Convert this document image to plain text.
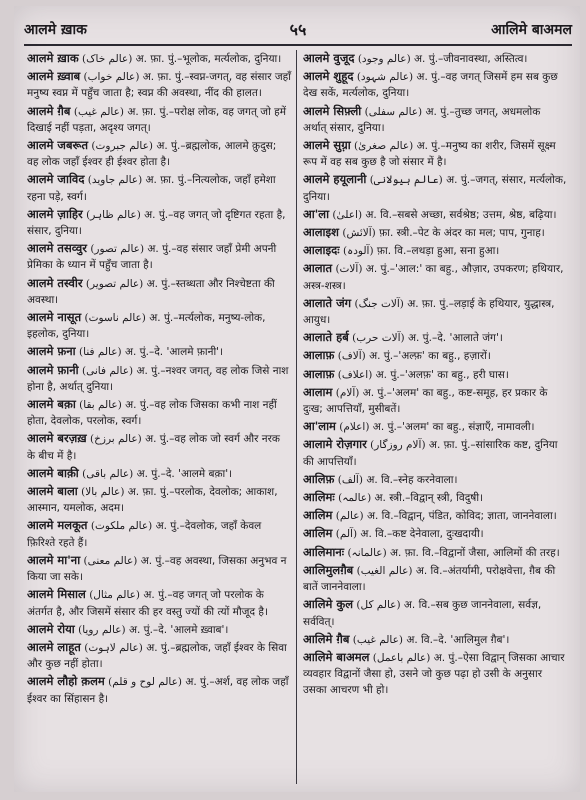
आलमे ख़ाक	५५	आलिमे बाअमल
आलमे ख़ाक (عالم خاک) अ. फ़ा. पुं.–भूलोक, मर्त्यलोक, दुनिया।
आलमे ख़्वाब (عالم خواب) अ. फ़ा. पुं.–स्वप्न-जगत्, वह संसार जहाँ मनुष्य स्वप्न में पहुँच जाता है; स्वप्न की अवस्था, नींद की हालत।
आलमे ग़ैब (عالم غیب) अ. फ़ा. पुं.–परोक्ष लोक, वह जगत् जो हमें दिखाई नहीं पड़ता, अदृश्य जगत्।
आलमे जबरूत (عالم جبروت) अ. पुं.–ब्रह्मलोक, आलमे क़ुदुस; वह लोक जहाँ ईश्वर ही ईश्वर होता है।
आलमे जाविद (عالم جاوید) अ. फ़ा. पुं.–नित्यलोक, जहाँ हमेशा रहना पड़े, स्वर्ग।
आलमे ज़ाहिर (عالم ظاہر) अ. पुं.–वह जगत् जो दृष्टिगत रहता है, संसार, दुनिया।
आलमे तसव्वुर (عالم تصور) अ. पुं.–वह संसार जहाँ प्रेमी अपनी प्रेमिका के ध्यान में पहुँच जाता है।
आलमे तस्वीर (عالم تصویر) अ. पुं.–स्तब्धता और निश्चेष्टता की अवस्था।
आलमे नासूत (عالم ناسوت) अ. पुं.–मर्त्यलोक, मनुष्य-लोक, इहलोक, दुनिया।
आलमे फ़ना (عالم فنا) अ. पुं.–दे. 'आलमे फ़ानी'।
आलमे फ़ानी (عالم فانی) अ. पुं.–नश्वर जगत्, वह लोक जिसे नाश होना है, अर्थात् दुनिया।
आलमे बक़ा (عالم بقا) अ. पुं.–वह लोक जिसका कभी नाश नहीं होता, देवलोक, परलोक, स्वर्ग।
आलमे बरज़ख़ (عالم برزخ) अ. पुं.–वह लोक जो स्वर्ग और नरक के बीच में है।
आलमे बाक़ी (عالم باقی) अ. पुं.–दे. 'आलमे बक़ा'।
आलमे बाला (عالم بالا) अ. फ़ा. पुं.–परलोक, देवलोक; आकाश, आस्मान, यमलोक, अदम।
आलमे मलकूत (عالم ملکوت) अ. पुं.–देवलोक, जहाँ केवल फ़िरिश्ते रहते हैं।
आलमे मा'ना (عالم معنی) अ. पुं.–वह अवस्था, जिसका अनुभव न किया जा सके।
आलमे मिसाल (عالم مثال) अ. पुं.–वह जगत् जो परलोक के अंतर्गत है, और जिसमें संसार की हर वस्तु ज्यों की त्यों मौजूद है।
आलमे रोया (عالم رویا) अ. पुं.–दे. 'आलमे ख़्वाब'।
आलमे लाहूत (عالم لاہوت) अ. पुं.–ब्रह्मलोक, जहाँ ईश्वर के सिवा और कुछ नहीं होता।
आलमे लौहो क़लम (عالم لوح و قلم) अ. पुं.–अर्श, वह लोक जहाँ ईश्वर का सिंहासन है।
आलमे वुजूद (عالم وجود) अ. पुं.–जीवनावस्था, अस्तित्व।
आलमे शुहूद (عالم شہود) अ. पुं.–वह जगत् जिसमें हम सब कुछ देख सकें, मर्त्यलोक, दुनिया।
आलमे सिफ़्ली (عالم سفلی) अ. पुं.–तुच्छ जगत्, अधमलोक अर्थात् संसार, दुनिया।
आलमे सुग़्रा (عالم صغریٰ) अ. पुं.–मनुष्य का शरीर, जिसमें सूक्ष्म रूप में वह सब कुछ है जो संसार में है।
आलमे हयूलानी (عالم ہیولانی) अ. पुं.–जगत्, संसार, मर्त्यलोक, दुनिया।
आ'ला (اعلیٰ) अ. वि.–सबसे अच्छा, सर्वश्रेष्ठ; उत्तम, श्रेष्ठ, बढ़िया।
आलाइश (آلائش) फ़ा. स्त्री.–पेट के अंदर का मल; पाप, गुनाह।
आलाइदः (آلودہ) फ़ा. वि.–लथड़ा हुआ, सना हुआ।
आलात (آلات) अ. पुं.–'आल:' का बहु., औज़ार, उपकरण; हथियार, अस्त्र-शस्त्र।
आलाते जंग (آلات جنگ) अ. फ़ा. पुं.–लड़ाई के हथियार, युद्धास्त्र, आयुध।
आलाते हर्ब (آلات حرب) अ. पुं.–दे. 'आलाते जंग'।
आलाफ़ (آلاف) अ. पुं.–'अल्फ़' का बहु., हज़ारों।
आलाफ़ (اعلاف) अ. पुं.–'अलफ़' का बहु., हरी घास।
आलाम (آلام) अ. पुं.–'अलम' का बहु., कष्ट-समूह, हर प्रकार के दुःख; आपत्तियाँ, मुसीबतें।
आ'लाम (اعلام) अ. पुं.–'अलम' का बहु., संज्ञाएँ, नामावली।
आलामे रोज़गार (آلام روزگار) अ. फ़ा. पुं.–सांसारिक कष्ट, दुनिया की आपत्तियाँ।
आलिफ़ (آلف) अ. वि.–स्नेह करनेवाला।
आलिमः (عالمہ) अ. स्त्री.–विद्वान् स्त्री, विदुषी।
आलिम (عالم) अ. वि.–विद्वान्, पंडित, कोविद; ज्ञाता, जाननेवाला।
आलिम (آلم) अ. वि.–कष्ट देनेवाला, दुःखदायी।
आलिमानः (عالمانہ) अ. फ़ा. वि.–विद्वानों जैसा, आलिमों की तरह।
आलिमुलग़ैब (عالم الغیب) अ. वि.–अंतर्यामी, परोक्षवेत्ता, ग़ैब की बातें जाननेवाला।
आलिमे कुल (عالم کل) अ. वि.–सब कुछ जाननेवाला, सर्वज्ञ, सर्ववित्।
आलिमे ग़ैब (عالم غیب) अ. वि.–दे. 'आलिमुल ग़ैब'।
आलिमे बाअमल (عالم باعمل) अ. पुं.–ऐसा विद्वान् जिसका आचार व्यवहार विद्वानों जैसा हो, उसने जो कुछ पढ़ा हो उसी के अनुसार उसका आचरण भी हो।
